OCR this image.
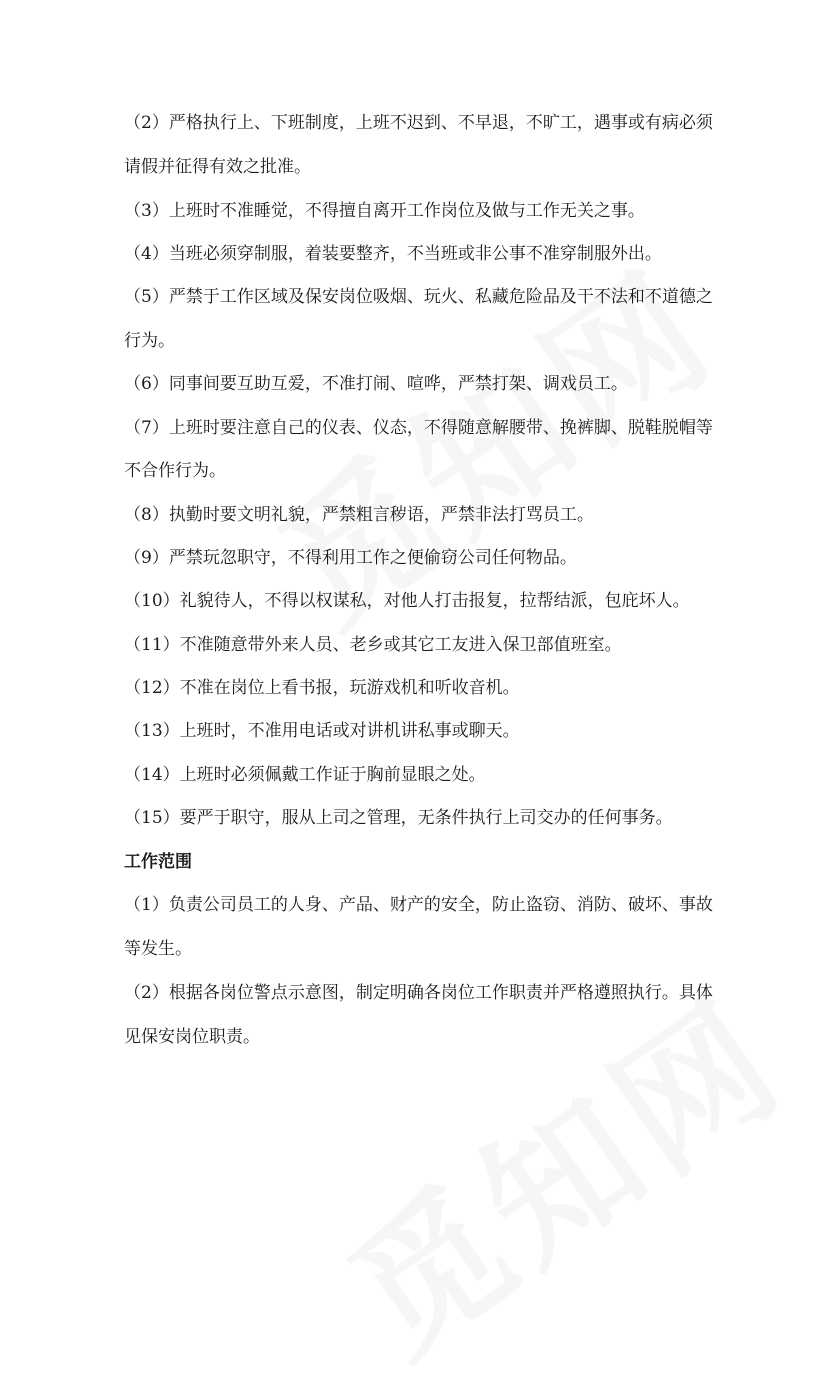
（2）严格执行上、下班制度，上班不迟到、不早退，不旷工，遇事或有病必须
请假并征得有效之批准。
（3）上班时不准睡觉，不得擅自离开工作岗位及做与工作无关之事。
（4）当班必须穿制服，着装要整齐，不当班或非公事不准穿制服外出。
（5）严禁于工作区域及保安岗位吸烟、玩火、私藏危险品及干不法和不道德之
行为。
（6）同事间要互助互爱，不准打闹、喧哗，严禁打架、调戏员工。
（7）上班时要注意自己的仪表、仪态，不得随意解腰带、挽裤脚、脱鞋脱帽等
不合作行为。
（8）执勤时要文明礼貌，严禁粗言秽语，严禁非法打骂员工。
（9）严禁玩忽职守，不得利用工作之便偷窃公司任何物品。
（10）礼貌待人，不得以权谋私，对他人打击报复，拉帮结派，包庇坏人。
（11）不准随意带外来人员、老乡或其它工友进入保卫部值班室。
（12）不准在岗位上看书报，玩游戏机和听收音机。
（13）上班时，不准用电话或对讲机讲私事或聊天。
（14）上班时必须佩戴工作证于胸前显眼之处。
（15）要严于职守，服从上司之管理，无条件执行上司交办的任何事务。
工作范围
（1）负责公司员工的人身、产品、财产的安全，防止盗窃、消防、破坏、事故
等发生。
（2）根据各岗位警点示意图，制定明确各岗位工作职责并严格遵照执行。具体
见保安岗位职责。
